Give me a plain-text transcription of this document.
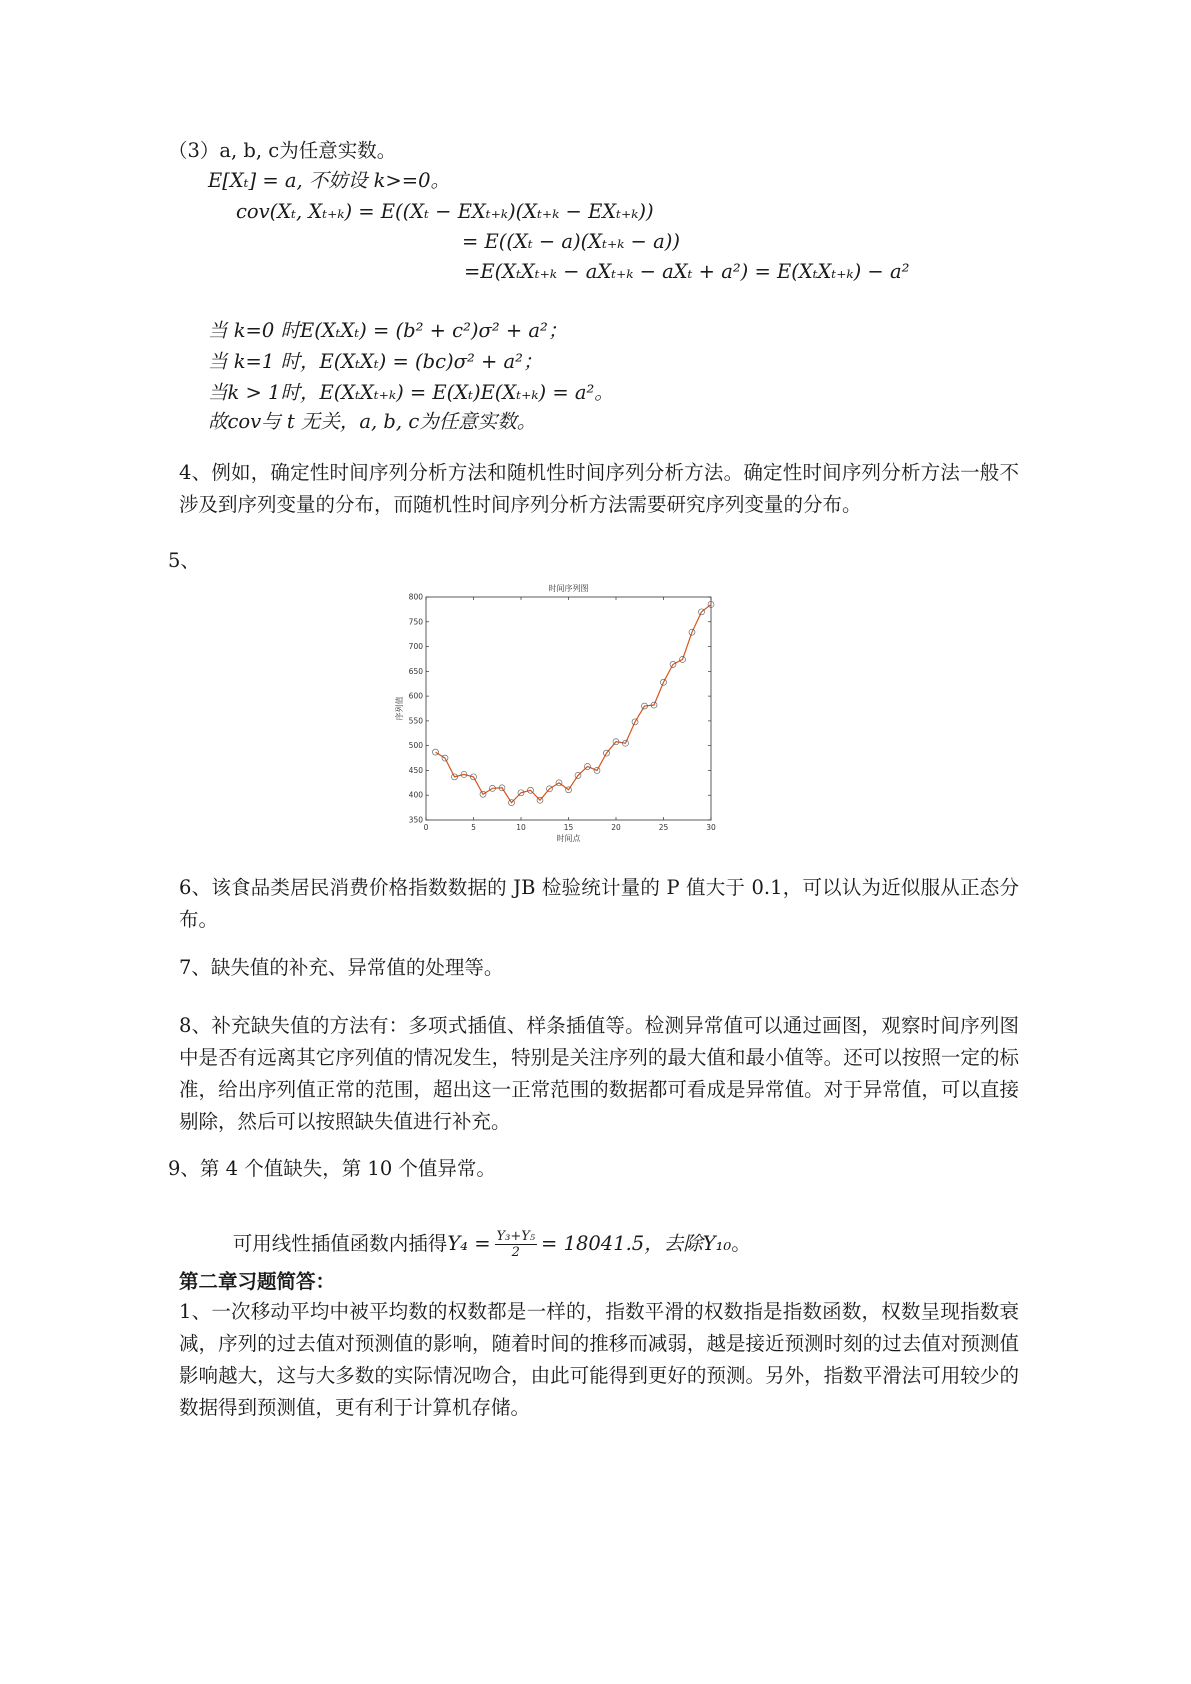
（3）a, b, c为任意实数。
E[Xₜ] = a, 不妨设 k>=0。
cov(Xₜ, Xₜ₊ₖ) = E((Xₜ − EXₜ₊ₖ)(Xₜ₊ₖ − EXₜ₊ₖ))
= E((Xₜ − a)(Xₜ₊ₖ − a))
=E(XₜXₜ₊ₖ − aXₜ₊ₖ − aXₜ + a²) = E(XₜXₜ₊ₖ) − a²
当 k=0 时E(XₜXₜ) = (b² + c²)σ² + a²；
当 k=1 时，E(XₜXₜ) = (bc)σ² + a²；
当k > 1时，E(XₜXₜ₊ₖ) = E(Xₜ)E(Xₜ₊ₖ) = a²。
故cov与 t 无关，a, b, c为任意实数。
4、例如，确定性时间序列分析方法和随机性时间序列分析方法。确定性时间序列分析方法一般不涉及到序列变量的分布，而随机性时间序列分析方法需要研究序列变量的分布。
5、
0	5	10	15	20	25	30
350
400
450
500
550
600
650
700
750
800
时间序列图
时间点
序列值
6、该食品类居民消费价格指数数据的 JB 检验统计量的 P 值大于 0.1，可以认为近似服从正态分布。
7、缺失值的补充、异常值的处理等。
8、补充缺失值的方法有：多项式插值、样条插值等。检测异常值可以通过画图，观察时间序列图中是否有远离其它序列值的情况发生，特别是关注序列的最大值和最小值等。还可以按照一定的标准，给出序列值正常的范围，超出这一正常范围的数据都可看成是异常值。对于异常值，可以直接剔除，然后可以按照缺失值进行补充。
9、第 4 个值缺失，第 10 个值异常。

可用线性插值函数内插得$Y_4 = \frac{\text{Y₃+Y₅}}{2} = 18041.5$，去除Y₁₀。

第二章习题简答：
1、一次移动平均中被平均数的权数都是一样的，指数平滑的权数指是指数函数，权数呈现指数衰减，序列的过去值对预测值的影响，随着时间的推移而减弱，越是接近预测时刻的过去值对预测值影响越大，这与大多数的实际情况吻合，由此可能得到更好的预测。另外，指数平滑法可用较少的数据得到预测值，更有利于计算机存储。
